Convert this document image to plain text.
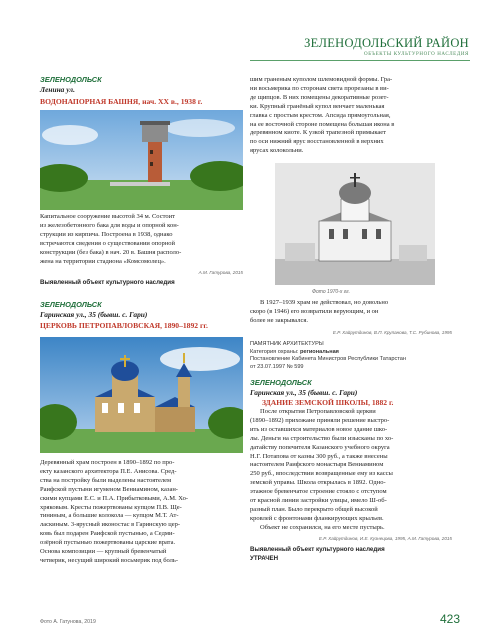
ЗЕЛЕНОДОЛЬСКИЙ РАЙОН
ОБЪЕКТЫ КУЛЬТУРНОГО НАСЛЕДИЯ
ЗЕЛЕНОДОЛЬСК
Ленина ул.
ВОДОНАПОРНАЯ БАШНЯ, нач. XX в., 1938 г.
Капитальное сооружение высотой 34 м. Состоит
из железобетонного бака для воды и опорной кон-
струкции из кирпича. Построена в 1938, однако
встречаются сведения о существовании опорной
конструкции (без бака) в нач. 20 в. Башня располо-
жена на территории стадиона «Комсомолец».
А.М. Гатурова, 2015
Выявленный объект культурного наследия
ЗЕЛЕНОДОЛЬСК
Гаринская ул., 35 (бывш. с. Гари)
ЦЕРКОВЬ ПЕТРОПАВЛОВСКАЯ, 1890–1892 гг.
Деревянный храм построен в 1890–1892 по про-
екту казанского архитектора П.Е. Анисова. Сред-
ства на постройку были выделены настоятелем
Раифской пустыни игуменом Вениамином, казан-
скими купцами Е.С. и П.А. Прибытковыми, А.М. Хо-
хряковым. Кресты пожертвованы купцом П.В. Ще-
тининым, а большие колокола — купцом М.Т. Ат-
ласкиным. 3-ярусный иконостас в Гаринскую цер-
ковь был подарен Раифской пустынью, а Седми-
озёрной пустынью пожертвованы царские врата.
Основа композиции — крупный бревенчатый
четверик, несущий широкий восьмерик под боль-
шим граненым куполом шлемовидной формы. Гра-
ни восьмерика по сторонам света прорезаны в ви-
де щипцов. В них помещены декоративные розет-
ки. Крупный гранёный купол венчает маленькая
главка с простым крестом. Апсида прямоугольная,
на ее восточной стороне помещена большая икона в
деревянном киоте. К узкой трапезной примыкает
по оси нижний ярус восстановленной в верхних
ярусах колокольни.
Фото 1970-х гг.
В 1927–1939 храм не действовал, но довольно
скоро (в 1946) его возвратили верующим, и он
более не закрывался.
Е.Р. Хайрутдинов, В.П. Крупанова, Т.С. Рубинова, 1995
ПАМЯТНИК АРХИТЕКТУРЫ
Категория охраны: региональная
Постановление Кабинета Министров Республики Татарстан
от 23.07.1997 № 599
ЗЕЛЕНОДОЛЬСК
Гаринская ул., 35 (бывш. с. Гари)
ЗДАНИЕ ЗЕМСКОЙ ШКОЛЫ, 1882 г.
После открытия Петропавловской церкви
(1890–1892) прихожане приняли решение выстро-
ить из оставшихся материалов новое здание шко-
лы. Деньги на строительство были изысканы по хо-
датайству попечителя Казанского учебного округа
Н.Г. Потапова от казны 300 руб., а также внесены
настоятелем Раифского монастыря Вениамином
250 руб., впоследствии возвращенные ему из кассы
земской управы. Школа открылась в 1892. Одно-
этажное бревенчатое строение стояло с отступом
от красной линии застройки улицы, имело Ш-об-
разный план. Было перекрыто общей высокой
кровлей с фронтонами фланкирующих крыльев.
Объект не сохранился, на его месте пустырь.
Е.Р. Хайрутдинов, И.Е. Кузнецова, 1995, А.М. Гатурова, 2015
Выявленный объект культурного наследия
УТРАЧЕН
Фото А. Гатуновa, 2019	423
